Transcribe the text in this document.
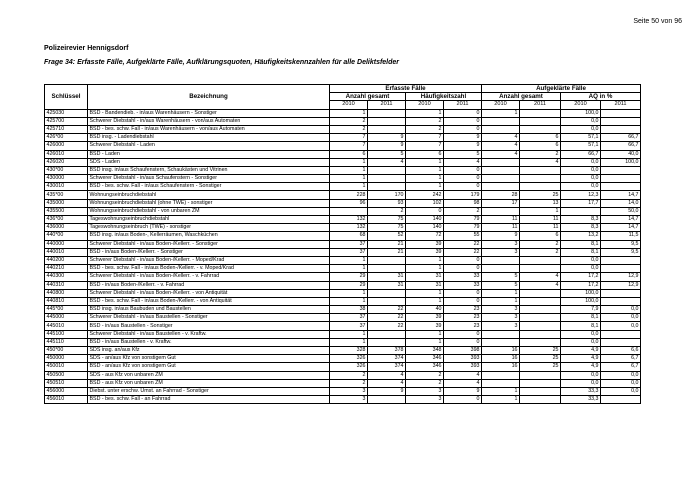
Seite 50 von 96
Polizeirevier Hennigsdorf
Frage 34: Erfasste Fälle, Aufgeklärte Fälle, Aufklärungsquoten, Häufigkeitskennzahlen für alle Deliktsfelder
Schlüssel	Bezeichnung	Erfasste Fälle				Aufgeklärte Fälle			
		Anzahl gesamt		Häufigkeitszahl		Anzahl gesamt		AQ in %	
		2010	2011	2010	2011	2010	2011	2010	2011
425030	BSD - Bandendieb. - in/aus Warenhäusern - Sonstiger	1		1	0	1		100,0	
425700	Schwerer Diebstahl - in/aus Warenhäusern - von/aus Automaten	2		2	0			0,0	
425710	BSD - bes. schw. Fall - in/aus Warenhäusern - von/aus Automaten	2		2	0			0,0	
426*00	BSD insg. - Ladendiebstahl	7	9	7	9	4	6	57,1	66,7
426000	Schwerer Diebstahl - Laden	7	9	7	9	4	6	57,1	66,7
426010	BSD - Laden	6	5	6	5	4	2	66,7	40,0
426020	SDS - Laden	1	4	1	4		4	0,0	100,0
430*00	BSD insg. in/aus Schaufenstern, Schaukästen und Vitrinen	1		1	0			0,0	
430000	Schwerer Diebstahl - in/aus Schaufenstern - Sonstiger	1		1	0			0,0	
430010	BSD - bes. schw. Fall - in/aus Schaufenstern - Sonstiger	1		1	0			0,0	
435*00	Wohnungseinbruchdiebstahl	228	170	242	179	28	25	12,3	14,7
435000	Wohnungseinbruchdiebstahl (ohne TWE) - sonstiger	96	93	102	98	17	13	17,7	14,0
435500	Wohnungseinbruchdiebstahl - von unbaren ZM		2	0	2		1		50,0
436*00	Tageswohnungseinbruchdiebstahl	132	75	140	79	11	11	8,3	14,7
436000	Tageswohnungseinbruch (TWE) - sonstiger	132	75	140	79	11	11	8,3	14,7
440*00	BSD insg. in/aus Boden-, Kellerräumen, Waschküchen	68	52	72	55	9	6	13,2	11,5
440000	Schwerer Diebstahl - in/aus Boden-/Kellerr. - Sonstiger	37	21	39	22	3	2	8,1	9,5
440010	BSD - in/aus Boden-/Kellerr. - Sonstiger	37	21	39	22	3	2	8,1	9,5
440200	Schwerer Diebstahl - in/aus Boden-/Kellerr. - Moped/Krad	1		1	0			0,0	
440210	BSD - bes. schw. Fall - in/aus Boden-/Kellerr. - v. Moped/Krad	1		1	0			0,0	
440300	Schwerer Diebstahl - in/aus Boden-/Kellerr. - v. Fahrrad	29	31	31	33	5	4	17,2	12,9
440310	BSD - in/aus Boden-/Kellerr. - v. Fahrrad	29	31	31	33	5	4	17,2	12,9
440800	Schwerer Diebstahl - in/aus Boden-/Kellerr. - von Antiquität	1		1	0	1		100,0	
440810	BSD - bes. schw. Fall - in/aus Boden-/Kellerr. - von Antiquität	1		1	0	1		100,0	
445*00	BSD insg. in/aus Baubuden und Baustellen	38	22	40	23	3		7,9	0,0
445000	Schwerer Diebstahl - in/aus Baustellen - Sonstiger	37	22	39	23	3		8,1	0,0
445010	BSD - in/aus Baustellen - Sonstiger	37	22	39	23	3		8,1	0,0
445100	Schwerer Diebstahl - in/aus Baustellen - v. Kraftw.	1		1	0			0,0	
445110	BSD - in/aus Baustellen - v. Kraftw.	1		1	0			0,0	
450*00	SDS insg. an/aus Kfz	328	378	348	398	16	25	4,9	6,6
450000	SDS - an/aus Kfz von sonstigem Gut	326	374	346	393	16	25	4,9	6,7
450010	BSD - an/aus Kfz von sonstigem Gut	326	374	346	393	16	25	4,9	6,7
450500	SDS - aus Kfz von unbaren ZM	2	4	2	4			0,0	0,0
450510	BSD - aus Kfz von unbaren ZM	2	4	2	4			0,0	0,0
456000	Diebst. unter erschw. Umst. an Fahrrad - Sonstiger	3	9	3	9	1		33,3	0,0
456010	BSD - bes. schw. Fall - an Fahrrad	3		3	0	1		33,3	
